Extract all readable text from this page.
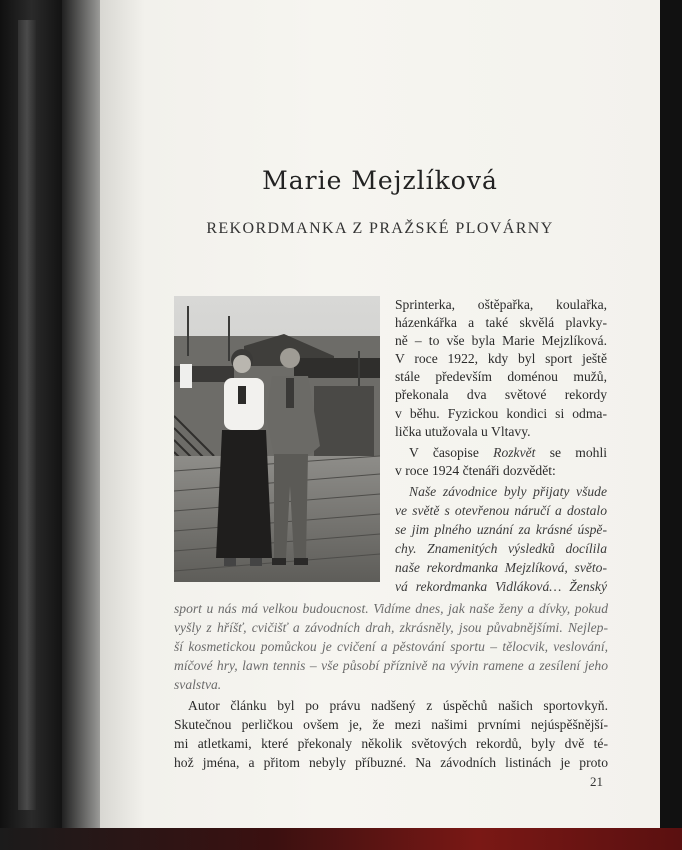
Marie Mejzlíková
REKORDMANKA Z PRAŽSKÉ PLOVÁRNY
Sprinterka, oštěpařka, koulařka,
házenkářka a také skvělá plavky-
ně – to vše byla Marie Mejzlíková.
V roce 1922, kdy byl sport ještě
stále především doménou mužů,
překonala dva světové rekordy
v běhu. Fyzickou kondici si odma-
lička utužovala u Vltavy.
V časopise Rozkvět se mohli
v roce 1924 čtenáři dozvědět:
Naše závodnice byly přijaty všude
ve světě s otevřenou náručí a dostalo
se jim plného uznání za krásné úspě-
chy. Znamenitých výsledků docílila
naše rekordmanka Mejzlíková, světo-
vá rekordmanka Vidláková… Ženský
sport u nás má velkou budoucnost. Vidíme dnes, jak naše ženy a dívky, pokud
vyšly z hříšť, cvičišť a závodních drah, zkrásněly, jsou půvabnějšími. Nejlep-
ší kosmetickou pomůckou je cvičení a pěstování sportu – tělocvik, veslování,
míčové hry, lawn tennis – vše působí příznivě na vývin ramene a zesílení jeho
svalstva.
Autor článku byl po právu nadšený z úspěchů našich sportovkyň.
Skutečnou perličkou ovšem je, že mezi našimi prvními nejúspěšnější-
mi atletkami, které překonaly několik světových rekordů, byly dvě té-
hož jména, a přitom nebyly příbuzné. Na závodních listinách je proto
21
